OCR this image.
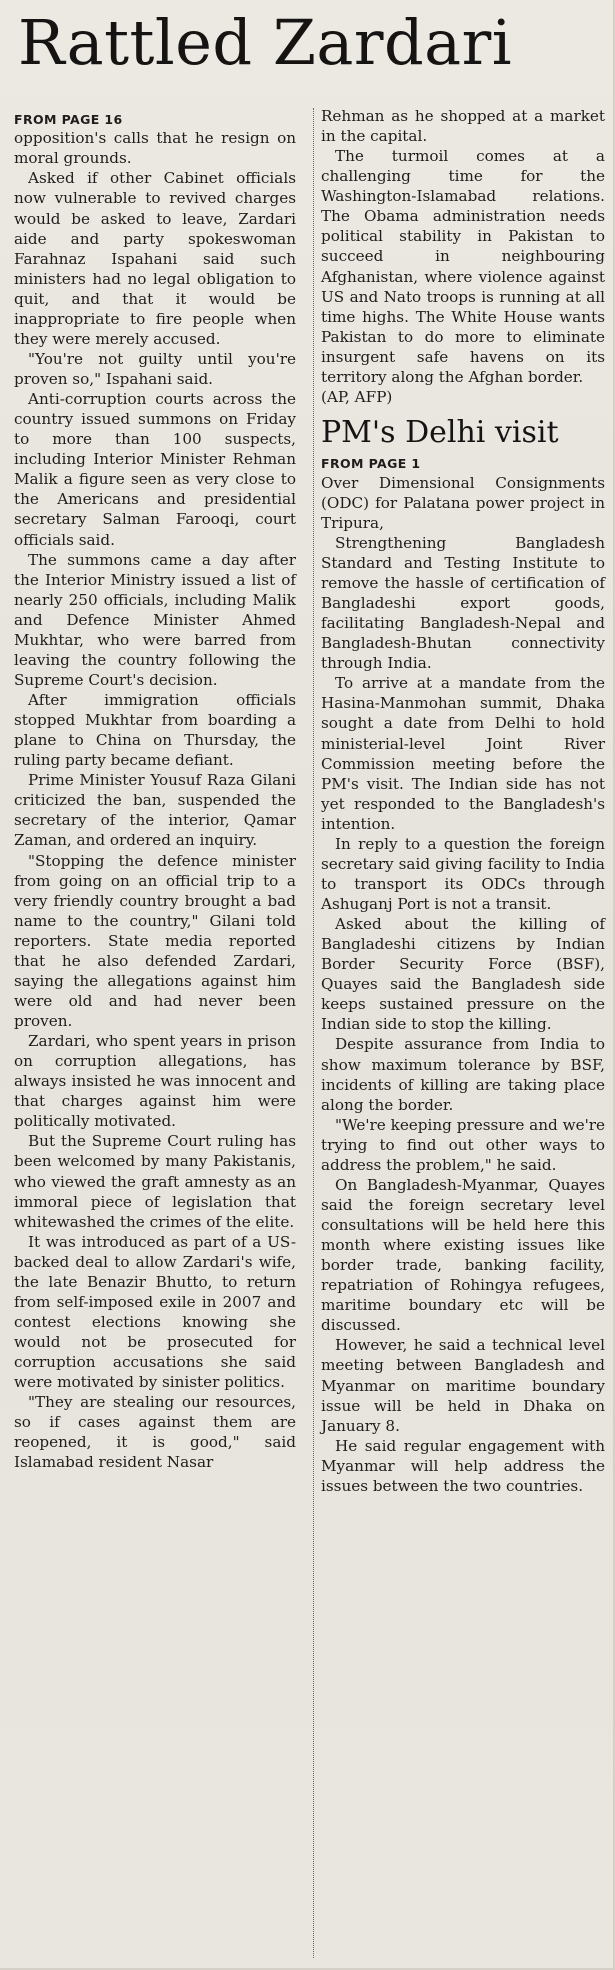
Rattled Zardari
FROM PAGE 16

opposition's calls that he resign on moral grounds.

Asked if other Cabinet officials now vulnerable to revived charges would be asked to leave, Zardari aide and party spokeswoman Farahnaz Ispahani said such ministers had no legal obligation to quit, and that it would be inappropriate to fire people when they were merely accused.

"You're not guilty until you're proven so," Ispahani said.

Anti-corruption courts across the country issued summons on Friday to more than 100 suspects, including Interior Minister Rehman Malik a figure seen as very close to the Americans and presidential secretary Salman Farooqi, court officials said.

The summons came a day after the Interior Ministry issued a list of nearly 250 officials, including Malik and Defence Minister Ahmed Mukhtar, who were barred from leaving the country following the Supreme Court's decision.

After immigration officials stopped Mukhtar from boarding a plane to China on Thursday, the ruling party became defiant.

Prime Minister Yousuf Raza Gilani criticized the ban, suspended the secretary of the interior, Qamar Zaman, and ordered an inquiry.

"Stopping the defence minister from going on an official trip to a very friendly country brought a bad name to the country," Gilani told reporters. State media reported that he also defended Zardari, saying the allegations against him were old and had never been proven.

Zardari, who spent years in prison on corruption allegations, has always insisted he was innocent and that charges against him were politically motivated.

But the Supreme Court ruling has been welcomed by many Pakistanis, who viewed the graft amnesty as an immoral piece of legislation that whitewashed the crimes of the elite.

It was introduced as part of a US-backed deal to allow Zardari's wife, the late Benazir Bhutto, to return from self-imposed exile in 2007 and contest elections knowing she would not be prosecuted for corruption accusations she said were motivated by sinister politics.

"They are stealing our resources, so if cases against them are reopened, it is good," said Islamabad resident Nasar

Rehman as he shopped at a market in the capital.

The turmoil comes at a challenging time for the Washington-Islamabad relations. The Obama administration needs political stability in Pakistan to succeed in neighbouring Afghanistan, where violence against US and Nato troops is running at all time highs. The White House wants Pakistan to do more to eliminate insurgent safe havens on its territory along the Afghan border.

(AP, AFP)

PM's Delhi visit
FROM PAGE 1

Over Dimensional Consignments (ODC) for Palatana power project in Tripura,

Strengthening Bangladesh Standard and Testing Institute to remove the hassle of certification of Bangladeshi export goods, facilitating Bangladesh-Nepal and Bangladesh-Bhutan connectivity through India.

To arrive at a mandate from the Hasina-Manmohan summit, Dhaka sought a date from Delhi to hold ministerial-level Joint River Commission meeting before the PM's visit. The Indian side has not yet responded to the Bangladesh's intention.

In reply to a question the foreign secretary said giving facility to India to transport its ODCs through Ashuganj Port is not a transit.

Asked about the killing of Bangladeshi citizens by Indian Border Security Force (BSF), Quayes said the Bangladesh side keeps sustained pressure on the Indian side to stop the killing.

Despite assurance from India to show maximum tolerance by BSF, incidents of killing are taking place along the border.

"We're keeping pressure and we're trying to find out other ways to address the problem," he said.

On Bangladesh-Myanmar, Quayes said the foreign secretary level consultations will be held here this month where existing issues like border trade, banking facility, repatriation of Rohingya refugees, maritime boundary etc will be discussed.

However, he said a technical level meeting between Bangladesh and Myanmar on maritime boundary issue will be held in Dhaka on January 8.

He said regular engagement with Myanmar will help address the issues between the two countries.
